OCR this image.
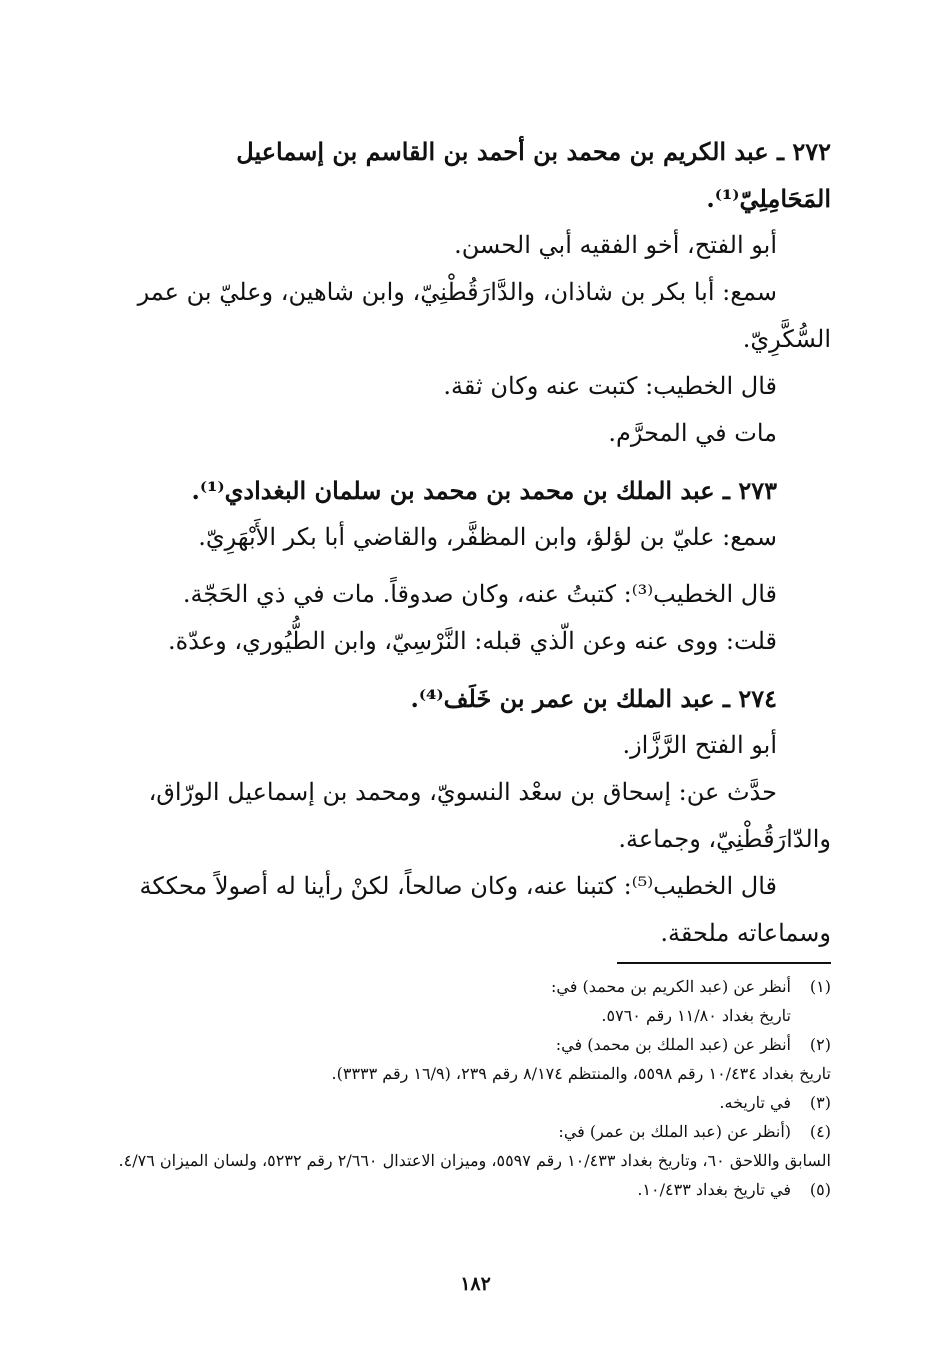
٢٧٢ ـ عبد الكريم بن محمد بن أحمد بن القاسم بن إسماعيل

المَحَامِلِيّ⁽¹⁾.

أبو الفتح، أخو الفقيه أبي الحسن.

سمع: أبا بكر بن شاذان، والدَّارَقُطْنِيّ، وابن شاهين، وعليّ بن عمر

السُّكَّرِيّ.

قال الخطيب: كتبت عنه وكان ثقة.

مات في المحرَّم.

٢٧٣ ـ عبد الملك بن محمد بن محمد بن سلمان البغدادي⁽¹⁾.

سمع: عليّ بن لؤلؤ، وابن المظفَّر، والقاضي أبا بكر الأَبْهَرِيّ.

قال الخطيب⁽³⁾: كتبتُ عنه، وكان صدوقاً. مات في ذي الحَجّة.

قلت: ووى عنه وعن الّذي قبله: النَّرْسِيّ، وابن الطُّيُوري، وعدّة.

٢٧٤ ـ عبد الملك بن عمر بن خَلَف⁽⁴⁾.

أبو الفتح الرَّزَّاز.

حدَّث عن: إسحاق بن سعْد النسويّ، ومحمد بن إسماعيل الورّاق،

والدّارَقُطْنِيّ، وجماعة.

قال الخطيب⁽⁵⁾: كتبنا عنه، وكان صالحاً، لكنْ رأينا له أصولاً محككة

وسماعاته ملحقة.

(١)
أنظر عن (عبد الكريم بن محمد) في:
تاريخ بغداد ١١/٨٠ رقم ٥٧٦٠.
(٢)
أنظر عن (عبد الملك بن محمد) في:
تاريخ بغداد ١٠/٤٣٤ رقم ٥٥٩٨، والمنتظم ٨/١٧٤ رقم ٢٣٩، (١٦/٩ رقم ٣٣٣٣).
(٣)
في تاريخه.
(٤)
(أنظر عن (عبد الملك بن عمر) في:
السابق واللاحق ٦٠، وتاريخ بغداد ١٠/٤٣٣ رقم ٥٥٩٧، وميزان الاعتدال ٢/٦٦٠ رقم ٥٢٣٢، ولسان الميزان ٤/٧٦.
(٥)
في تاريخ بغداد ١٠/٤٣٣.
١٨٢
